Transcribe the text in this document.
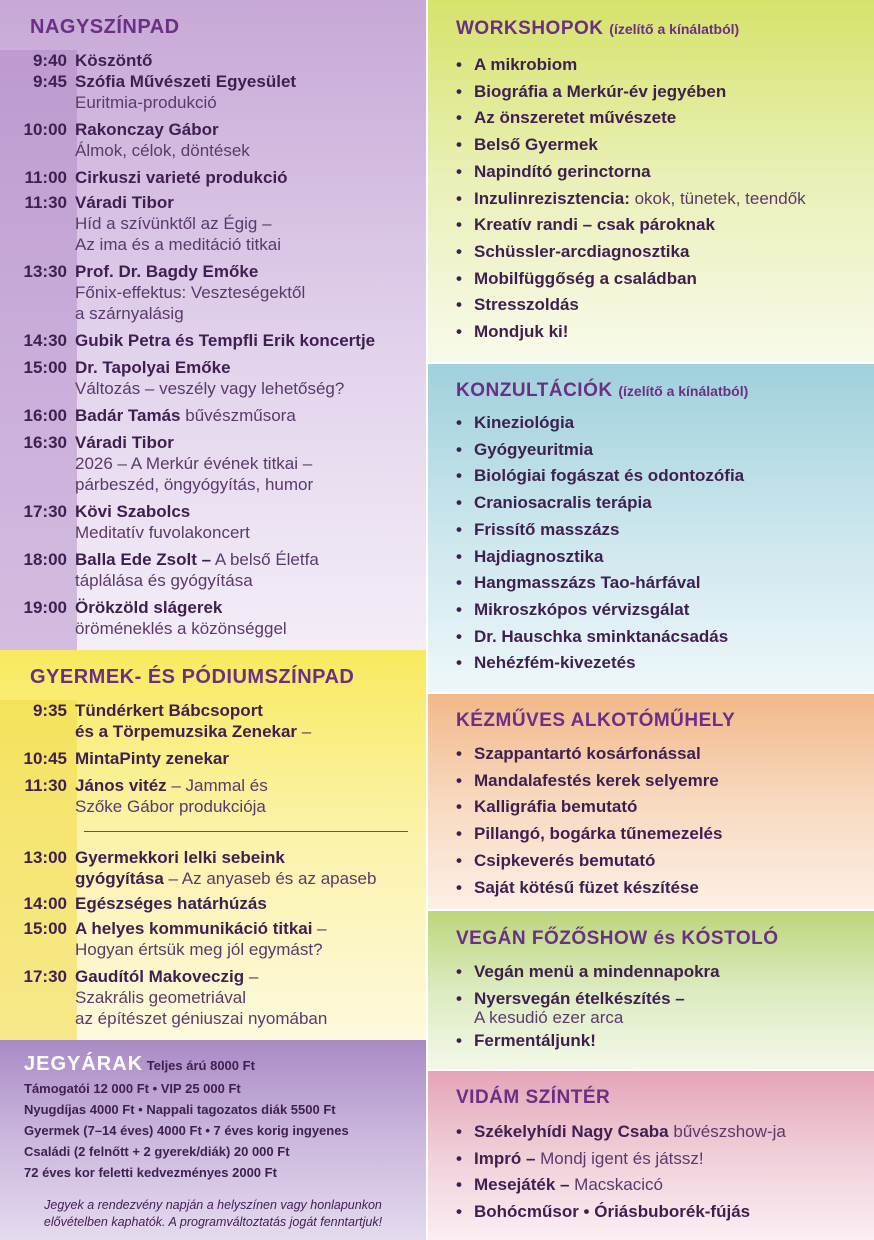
NAGYSZÍNPAD
9:40 Köszöntő
9:45 Szófia Művészeti Egyesület
Euritmia-produkció
10:00 Rakonczay Gábor
Álmok, célok, döntések
11:00 Cirkuszi varieté produkció
11:30 Váradi Tibor
Híd a szívünktől az Égig –
Az ima és a meditáció titkai
13:30 Prof. Dr. Bagdy Emőke
Főnix-effektus: Veszteségektől
a szárnyalásig
14:30 Gubik Petra és Tempfli Erik koncertje
15:00 Dr. Tapolyai Emőke
Változás – veszély vagy lehetőség?
16:00 Badár Tamás bűvészműsora
16:30 Váradi Tibor
2026 – A Merkúr évének titkai –
párbeszéd, öngyógyítás, humor
17:30 Kövi Szabolcs
Meditatív fuvolakoncert
18:00 Balla Ede Zsolt – A belső Életfa
táplálása és gyógyítása
19:00 Örökzöld slágerek
öröméneklés a közönséggel
GYERMEK- ÉS PÓDIUMSZÍNPAD
9:35 Tündérkert Bábcsoport
és a Törpemuzsika Zenekar –
10:45 MintaPinty zenekar
11:30 János vitéz – Jammal és
Szőke Gábor produkciója
13:00 Gyermekkori lelki sebeink
gyógyítása – Az anyaseb és az apaseb
14:00 Egészséges határhúzás
15:00 A helyes kommunikáció titkai –
Hogyan értsük meg jól egymást?
17:30 Gaudítól Makoveczig –
Szakrális geometriával
az építészet géniuszai nyomában
JEGYÁRAK Teljes árú 8000 Ft
Támogatói 12 000 Ft • VIP 25 000 Ft
Nyugdíjas 4000 Ft • Nappali tagozatos diák 5500 Ft
Gyermek (7–14 éves) 4000 Ft • 7 éves korig ingyenes
Családi (2 felnőtt + 2 gyerek/diák) 20 000 Ft
72 éves kor feletti kedvezményes 2000 Ft
Jegyek a rendezvény napján a helyszínen vagy honlapunkon
elővételben kaphatók. A programváltoztatás jogát fenntartjuk!
WORKSHOPOK (ízelítő a kínálatból)
• A mikrobiom
• Biográfia a Merkúr-év jegyében
• Az önszeretet művészete
• Belső Gyermek
• Napindító gerinctorna
• Inzulinrezisztencia: okok, tünetek, teendők
• Kreatív randi – csak pároknak
• Schüssler-arcdiagnosztika
• Mobilfüggőség a családban
• Stresszoldás
• Mondjuk ki!
KONZULTÁCIÓK (ízelítő a kínálatból)
• Kineziológia
• Gyógyeuritmia
• Biológiai fogászat és odontozófia
• Craniosacralis terápia
• Frissítő masszázs
• Hajdiagnosztika
• Hangmasszázs Tao-hárfával
• Mikroszkópos vérvizsgálat
• Dr. Hauschka sminktanácsadás
• Nehézfém-kivezetés
KÉZMŰVES ALKOTÓMŰHELY
• Szappantartó kosárfonással
• Mandalafestés kerek selyemre
• Kalligráfia bemutató
• Pillangó, bogárka tűnemezelés
• Csipkeverés bemutató
• Saját kötésű füzet készítése
VEGÁN FŐZŐSHOW és KÓSTOLÓ
• Vegán menü a mindennapokra
• Nyersvegán ételkészítés –
A kesudió ezer arca
• Fermentáljunk!
VIDÁM SZÍNTÉR
• Székelyhídi Nagy Csaba bűvészshow-ja
• Impró – Mondj igent és játssz!
• Mesejáték – Macskacicó
• Bohócműsor • Óriásbuborék-fújás
